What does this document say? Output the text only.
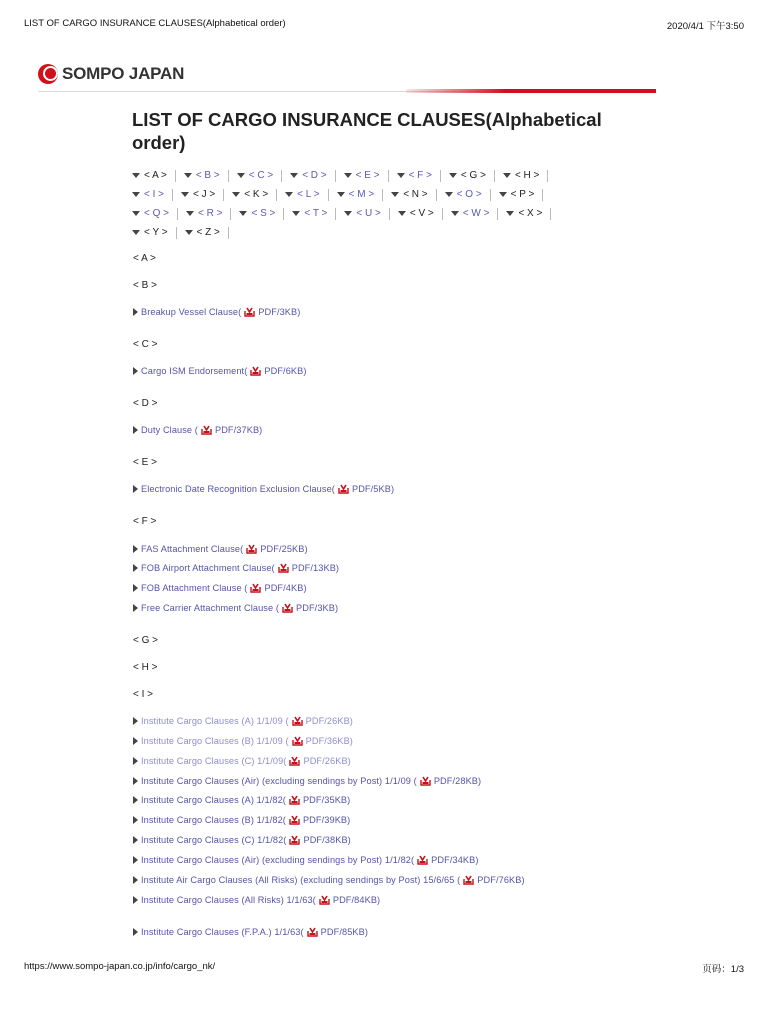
LIST OF CARGO INSURANCE CLAUSES(Alphabetical order)	2020/4/1 下午3:50
SOMPO JAPAN
LIST OF CARGO INSURANCE CLAUSES(Alphabetical order)
< A >	< B >	< C >	< D >	< E >	< F >	< G >	< H >
< I >	< J >	< K >	< L >	< M >	< N >	< O >	< P >
< Q >	< R >	< S >	< T >	< U >	< V >	< W >	< X >
< Y >	< Z >
< A >
< B >
Breakup Vessel Clause( PDF/3KB)
< C >
Cargo ISM Endorsement( PDF/6KB)
< D >
Duty Clause ( PDF/37KB)
< E >
Electronic Date Recognition Exclusion Clause( PDF/5KB)
< F >
FAS Attachment Clause( PDF/25KB)
FOB Airport Attachment Clause( PDF/13KB)
FOB Attachment Clause ( PDF/4KB)
Free Carrier Attachment Clause ( PDF/3KB)
< G >
< H >
< I >
Institute Cargo Clauses (A) 1/1/09 ( PDF/26KB)
Institute Cargo Clauses (B) 1/1/09 ( PDF/36KB)
Institute Cargo Clauses (C) 1/1/09( PDF/26KB)
Institute Cargo Clauses (Air) (excluding sendings by Post) 1/1/09 ( PDF/28KB)
Institute Cargo Clauses (A) 1/1/82( PDF/35KB)
Institute Cargo Clauses (B) 1/1/82( PDF/39KB)
Institute Cargo Clauses (C) 1/1/82( PDF/38KB)
Institute Cargo Clauses (Air) (excluding sendings by Post) 1/1/82( PDF/34KB)
Institute Air Cargo Clauses (All Risks) (excluding sendings by Post) 15/6/65 ( PDF/76KB)
Institute Cargo Clauses (All Risks) 1/1/63( PDF/84KB)
Institute Cargo Clauses (F.P.A.) 1/1/63( PDF/85KB)
https://www.sompo-japan.co.jp/info/cargo_nk/	页码：1/3
